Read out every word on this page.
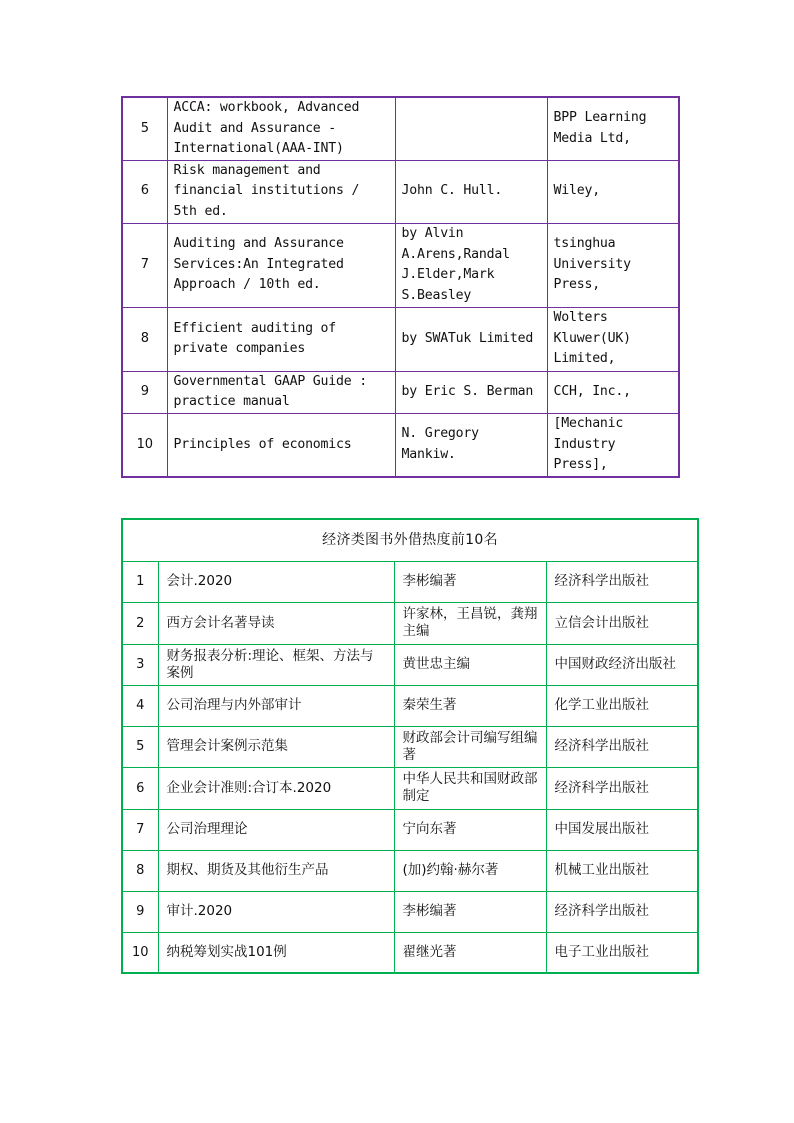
5	ACCA: workbook, Advanced Audit and Assurance - International(AAA-INT)		BPP Learning Media Ltd,
6	Risk management and financial institutions / 5th ed.	John C. Hull.	Wiley,
7	Auditing and Assurance Services:An Integrated Approach / 10th ed.	by Alvin A.Arens,Randal J.Elder,Mark S.Beasley	tsinghua University Press,
8	Efficient auditing of private companies	by SWATuk Limited	Wolters Kluwer(UK) Limited,
9	Governmental GAAP Guide : practice manual	by Eric S. Berman	CCH, Inc.,
10	Principles of economics	N. Gregory Mankiw.	[Mechanic Industry Press],
经济类图书外借热度前10名			
1	会计.2020	李彬编著	经济科学出版社
2	西方会计名著导读	许家林，王昌锐，龚翔主编	立信会计出版社
3	财务报表分析:理论、框架、方法与案例	黄世忠主编	中国财政经济出版社
4	公司治理与内外部审计	秦荣生著	化学工业出版社
5	管理会计案例示范集	财政部会计司编写组编著	经济科学出版社
6	企业会计准则:合订本.2020	中华人民共和国财政部制定	经济科学出版社
7	公司治理理论	宁向东著	中国发展出版社
8	期权、期货及其他衍生产品	(加)约翰·赫尔著	机械工业出版社
9	审计.2020	李彬编著	经济科学出版社
10	纳税筹划实战101例	翟继光著	电子工业出版社
